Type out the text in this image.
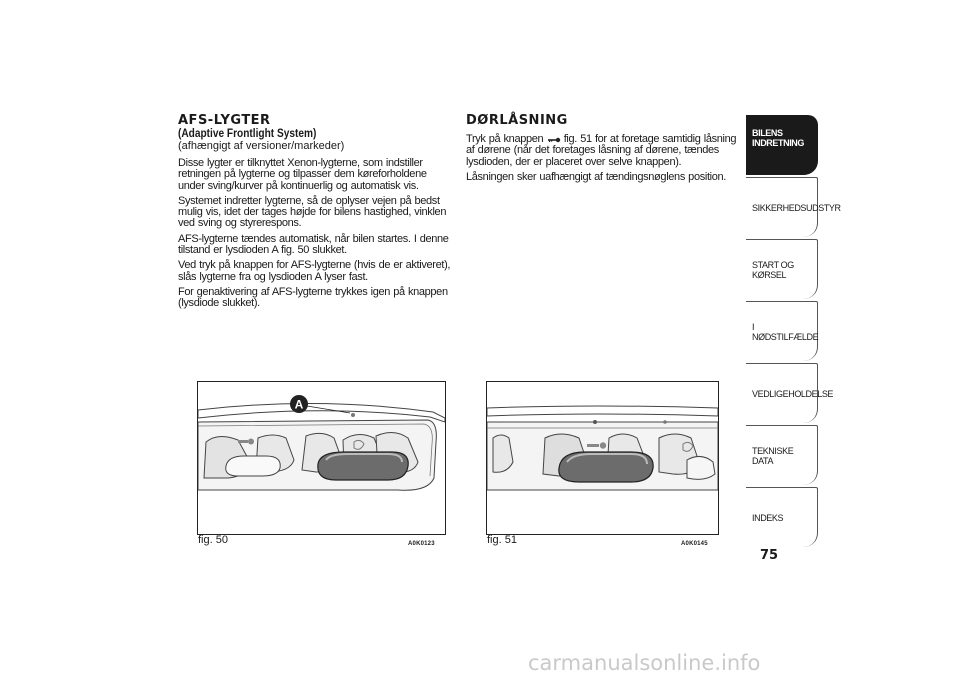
AFS-LYGTER
(Adaptive Frontlight System)
(afhængigt af versioner/markeder)

Disse lygter er tilknyttet Xenon-lygterne, som indstiller retningen på lygterne og tilpasser dem køreforholdene under sving/kurver på kontinuerlig og automatisk vis.

Systemet indretter lygterne, så de oplyser vejen på bedst mulig vis, idet der tages højde for bilens hastighed, vinklen ved sving og styrerespons.

AFS-lygterne tændes automatisk, når bilen startes. I denne tilstand er lysdioden A fig. 50 slukket.

Ved tryk på knappen for AFS-lygterne (hvis de er aktiveret), slås lygterne fra og lysdioden A lyser fast.

For genaktivering af AFS-lygterne trykkes igen på knappen (lysdiode slukket).

DØRLÅSNING

Tryk på knappen fig. 51 for at foretage samtidig låsning af dørene (når det foretages låsning af dørene, tændes lysdioden, der er placeret over selve knappen).

Låsningen sker uafhængigt af tændingsnøglens position.

A
fig. 50	A0K0123	fig. 51	A0K0145
BILENS INDRETNING
SIKKERHEDSUDSTYR
START OG KØRSEL
I NØDSTILFÆLDE
VEDLIGEHOLDELSE
TEKNISKE DATA
INDEKS
75
carmanualsonline.info
